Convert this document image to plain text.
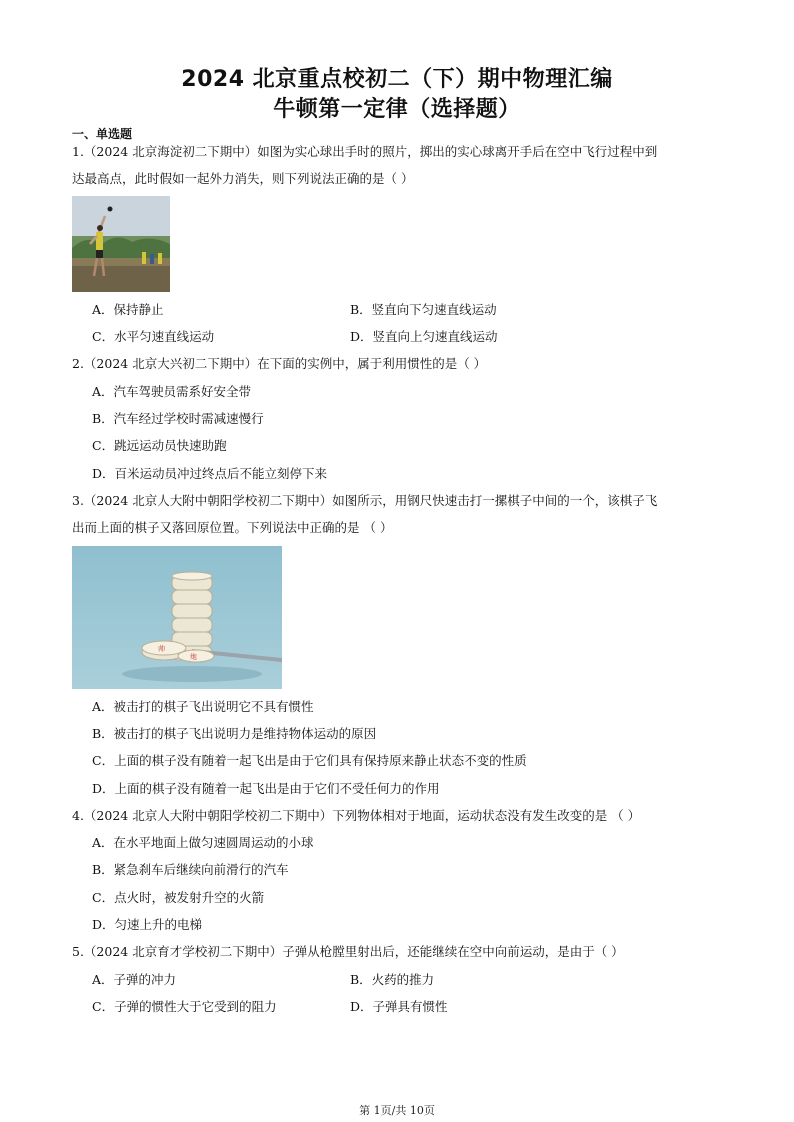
2024 北京重点校初二（下）期中物理汇编
牛顿第一定律（选择题）
一、单选题
1.（2024 北京海淀初二下期中）如图为实心球出手时的照片，掷出的实心球离开手后在空中飞行过程中到
达最高点，此时假如一起外力消失，则下列说法正确的是（ ）
A．保持静止	B．竖直向下匀速直线运动
C．水平匀速直线运动	D．竖直向上匀速直线运动
2.（2024 北京大兴初二下期中）在下面的实例中，属于利用惯性的是（ ）
A．汽车驾驶员需系好安全带
B．汽车经过学校时需减速慢行
C．跳远运动员快速助跑
D．百米运动员冲过终点后不能立刻停下来
3.（2024 北京人大附中朝阳学校初二下期中）如图所示，用钢尺快速击打一摞棋子中间的一个，该棋子飞
出而上面的棋子又落回原位置。下列说法中正确的是 （ ）
帅
炮
A．被击打的棋子飞出说明它不具有惯性
B．被击打的棋子飞出说明力是维持物体运动的原因
C．上面的棋子没有随着一起飞出是由于它们具有保持原来静止状态不变的性质
D．上面的棋子没有随着一起飞出是由于它们不受任何力的作用
4.（2024 北京人大附中朝阳学校初二下期中）下列物体相对于地面，运动状态没有发生改变的是 （ ）
A．在水平地面上做匀速圆周运动的小球
B．紧急刹车后继续向前滑行的汽车
C．点火时，被发射升空的火箭
D．匀速上升的电梯
5.（2024 北京育才学校初二下期中）子弹从枪膛里射出后，还能继续在空中向前运动，是由于（ ）
A．子弹的冲力	B．火药的推力
C．子弹的惯性大于它受到的阻力	D．子弹具有惯性
第 1页/共 10页
